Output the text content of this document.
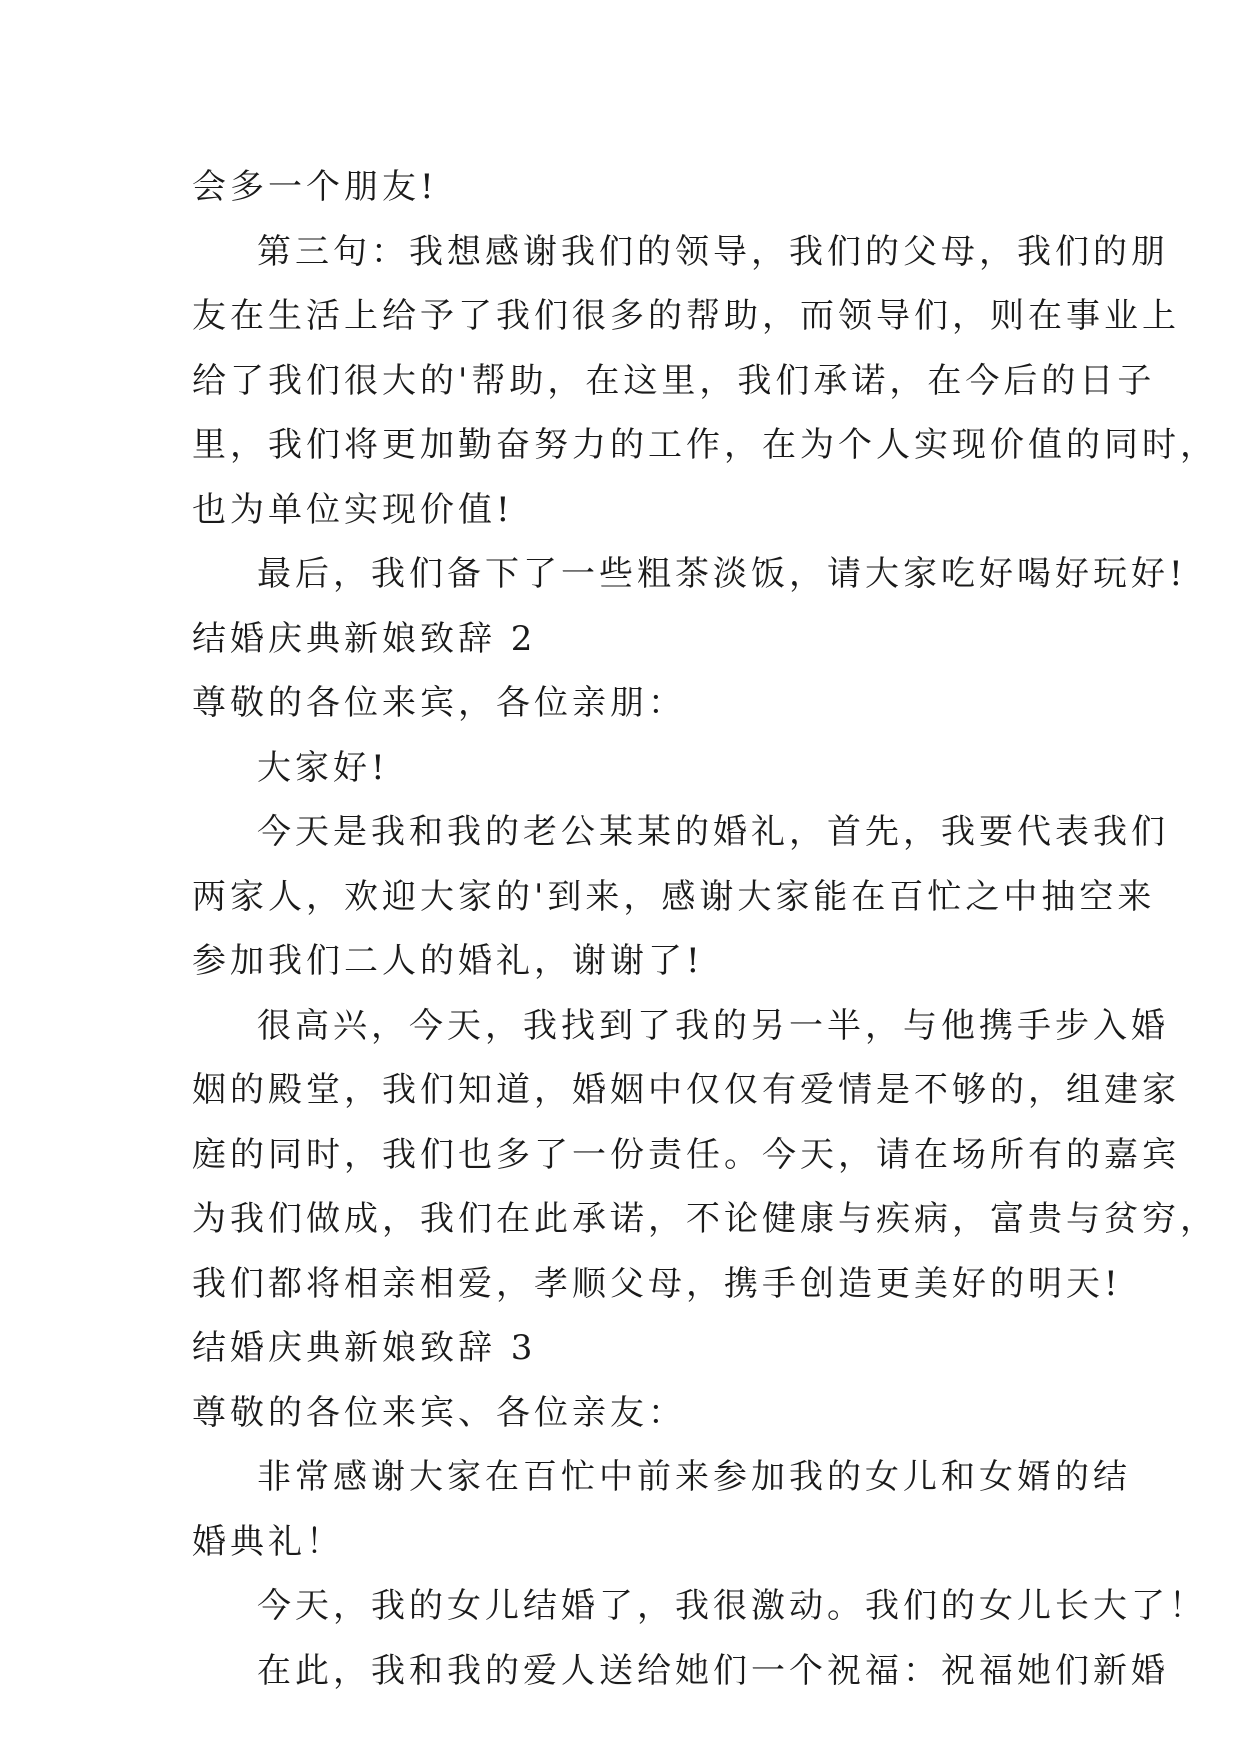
会多一个朋友!
第三句：我想感谢我们的领导，我们的父母，我们的朋
友在生活上给予了我们很多的帮助，而领导们，则在事业上
给了我们很大的'帮助，在这里，我们承诺，在今后的日子
里，我们将更加勤奋努力的工作，在为个人实现价值的同时，
也为单位实现价值!
最后，我们备下了一些粗茶淡饭，请大家吃好喝好玩好!
结婚庆典新娘致辞 2
尊敬的各位来宾，各位亲朋：
大家好!
今天是我和我的老公某某的婚礼，首先，我要代表我们
两家人，欢迎大家的'到来，感谢大家能在百忙之中抽空来
参加我们二人的婚礼，谢谢了!
很高兴，今天，我找到了我的另一半，与他携手步入婚
姻的殿堂，我们知道，婚姻中仅仅有爱情是不够的，组建家
庭的同时，我们也多了一份责任。今天，请在场所有的嘉宾
为我们做成，我们在此承诺，不论健康与疾病，富贵与贫穷，
我们都将相亲相爱，孝顺父母，携手创造更美好的明天!
结婚庆典新娘致辞 3
尊敬的各位来宾、各位亲友：
非常感谢大家在百忙中前来参加我的女儿和女婿的结
婚典礼！
今天，我的女儿结婚了，我很激动。我们的女儿长大了！
在此，我和我的爱人送给她们一个祝福：祝福她们新婚
